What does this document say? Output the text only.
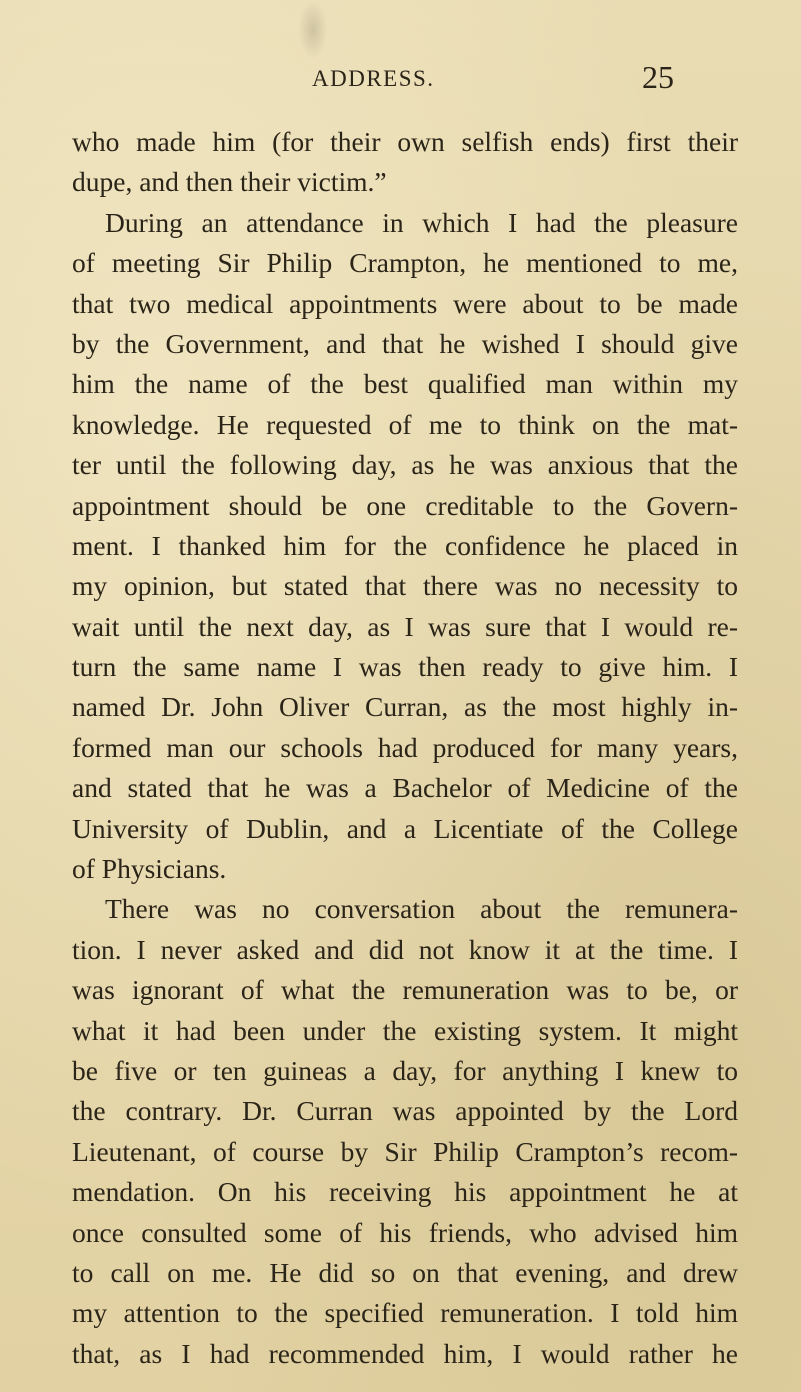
ADDRESS.	25
who made him (for their own selfish ends) first their
dupe, and then their victim.”
During an attendance in which I had the pleasure
of meeting Sir Philip Crampton, he mentioned to me,
that two medical appointments were about to be made
by the Government, and that he wished I should give
him the name of the best qualified man within my
knowledge. He requested of me to think on the mat-
ter until the following day, as he was anxious that the
appointment should be one creditable to the Govern-
ment. I thanked him for the confidence he placed in
my opinion, but stated that there was no necessity to
wait until the next day, as I was sure that I would re-
turn the same name I was then ready to give him. I
named Dr. John Oliver Curran, as the most highly in-
formed man our schools had produced for many years,
and stated that he was a Bachelor of Medicine of the
University of Dublin, and a Licentiate of the College
of Physicians.
There was no conversation about the remunera-
tion. I never asked and did not know it at the time. I
was ignorant of what the remuneration was to be, or
what it had been under the existing system. It might
be five or ten guineas a day, for anything I knew to
the contrary. Dr. Curran was appointed by the Lord
Lieutenant, of course by Sir Philip Crampton’s recom-
mendation. On his receiving his appointment he at
once consulted some of his friends, who advised him
to call on me. He did so on that evening, and drew
my attention to the specified remuneration. I told him
that, as I had recommended him, I would rather he
